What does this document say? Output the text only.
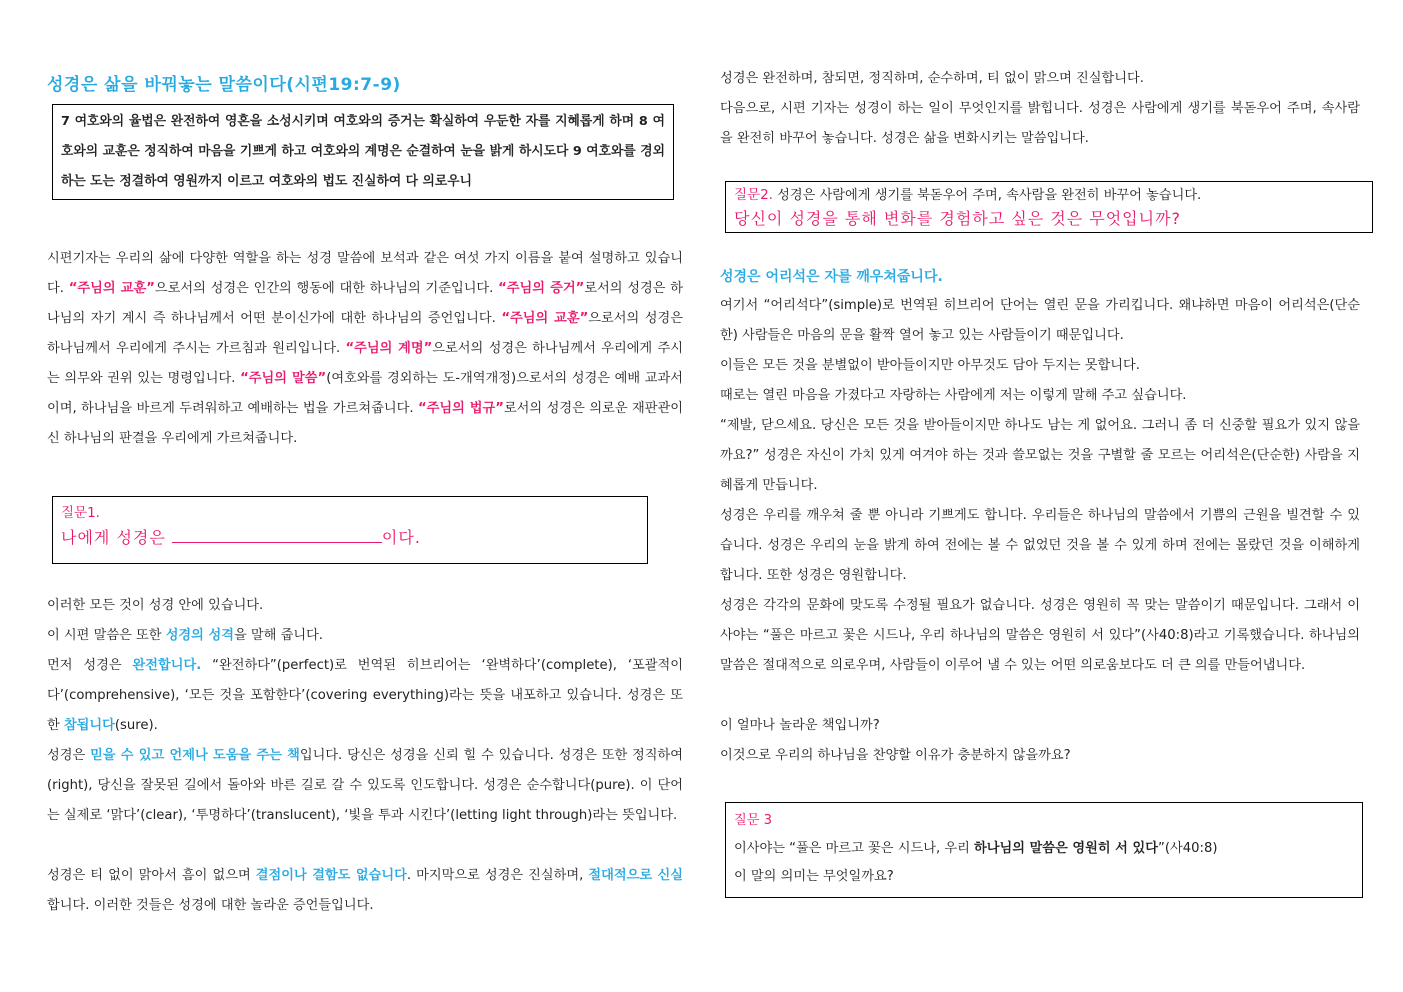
성경은 삶을 바꿔놓는 말씀이다(시편19:7-9)

7 여호와의 율법은 완전하여 영혼을 소성시키며 여호와의 증거는 확실하여 우둔한 자를 지혜롭게 하며 8 여호와의 교훈은 정직하여 마음을 기쁘게 하고 여호와의 계명은 순결하여 눈을 밝게 하시도다 9 여호와를 경외하는 도는 정결하여 영원까지 이르고 여호와의 법도 진실하여 다 의로우니

시편기자는 우리의 삶에 다양한 역할을 하는 성경 말씀에 보석과 같은 여섯 가지 이름을 붙여 설명하고 있습니다. “주님의 교훈”으로서의 성경은 인간의 행동에 대한 하나님의 기준입니다. “주님의 증거”로서의 성경은 하나님의 자기 계시 즉 하나님께서 어떤 분이신가에 대한 하나님의 증언입니다. “주님의 교훈”으로서의 성경은 하나님께서 우리에게 주시는 가르침과 원리입니다. “주님의 계명”으로서의 성경은 하나님께서 우리에게 주시는 의무와 권위 있는 명령입니다. “주님의 말씀”(여호와를 경외하는 도-개역개정)으로서의 성경은 예배 교과서이며, 하나님을 바르게 두려워하고 예배하는 법을 가르쳐줍니다. “주님의 법규”로서의 성경은 의로운 재판관이신 하나님의 판결을 우리에게 가르쳐줍니다.

질문1.
나에게 성경은	이다.

이러한 모든 것이 성경 안에 있습니다.

이 시편 말씀은 또한 성경의 성격을 말해 줍니다.

먼저 성경은 완전합니다. “완전하다”(perfect)로 번역된 히브리어는 ‘완벽하다’(complete), ‘포괄적이다’(comprehensive), ‘모든 것을 포함한다’(covering everything)라는 뜻을 내포하고 있습니다. 성경은 또한 참됩니다(sure).

성경은 믿을 수 있고 언제나 도움을 주는 책입니다. 당신은 성경을 신뢰 힐 수 있습니다. 성경은 또한 정직하여(right), 당신을 잘못된 길에서 돌아와 바른 길로 갈 수 있도록 인도합니다. 성경은 순수합니다(pure). 이 단어는 실제로 ‘맑다’(clear), ‘투명하다’(translucent), ‘빛을 투과 시킨다’(letting light through)라는 뜻입니다.

성경은 티 없이 맑아서 흠이 없으며 결점이나 결함도 없습니다. 마지막으로 성경은 진실하며, 절대적으로 신실합니다. 이러한 것들은 성경에 대한 놀라운 증언들입니다.

성경은 완전하며, 참되면, 정직하며, 순수하며, 티 없이 맑으며 진실합니다.

다음으로, 시편 기자는 성경이 하는 일이 무엇인지를 밝힙니다. 성경은 사람에게 생기를 북돋우어 주며, 속사람을 완전히 바꾸어 놓습니다. 성경은 삶을 변화시키는 말씀입니다.

질문2. 성경은 사람에게 생기를 북돋우어 주며, 속사람을 완전히 바꾸어 놓습니다.
당신이 성경을 통해 변화를 경험하고 싶은 것은 무엇입니까?
성경은 어리석은 자를 깨우쳐줍니다.

여기서 “어리석다”(simple)로 번역된 히브리어 단어는 열린 문을 가리킵니다. 왜냐하면 마음이 어리석은(단순한) 사람들은 마음의 문을 활짝 열어 놓고 있는 사람들이기 때문입니다.

이들은 모든 것을 분별없이 받아들이지만 아무것도 담아 두지는 못합니다.

때로는 열린 마음을 가졌다고 자랑하는 사람에게 저는 이렇게 말해 주고 싶습니다.

“제발, 닫으세요. 당신은 모든 것을 받아들이지만 하나도 남는 게 없어요. 그러니 좀 더 신중할 필요가 있지 않을까요?” 성경은 자신이 가치 있게 여겨야 하는 것과 쓸모없는 것을 구별할 줄 모르는 어리석은(단순한) 사람을 지혜롭게 만듭니다.

성경은 우리를 깨우쳐 줄 뿐 아니라 기쁘게도 합니다. 우리들은 하나님의 말씀에서 기쁨의 근원을 빌견할 수 있습니다. 성경은 우리의 눈을 밝게 하여 전에는 볼 수 없었던 것을 볼 수 있게 하며 전에는 몰랐던 것을 이해하게 합니다. 또한 성경은 영원합니다.

성경은 각각의 문화에 맞도록 수정될 필요가 없습니다. 성경은 영원히 꼭 맞는 말씀이기 때문입니다. 그래서 이사야는 “풀은 마르고 꽃은 시드나, 우리 하나님의 말씀은 영원히 서 있다”(사40:8)라고 기록했습니다. 하나님의 말씀은 절대적으로 의로우며, 사람들이 이루어 낼 수 있는 어떤 의로움보다도 더 큰 의를 만들어냅니다.

이 얼마나 놀라운 책입니까?

이것으로 우리의 하나님을 찬양할 이유가 충분하지 않을까요?

질문 3

이사야는 “풀은 마르고 꽃은 시드나, 우리 하나님의 말씀은 영원히 서 있다”(사40:8)

이 말의 의미는 무엇일까요?
